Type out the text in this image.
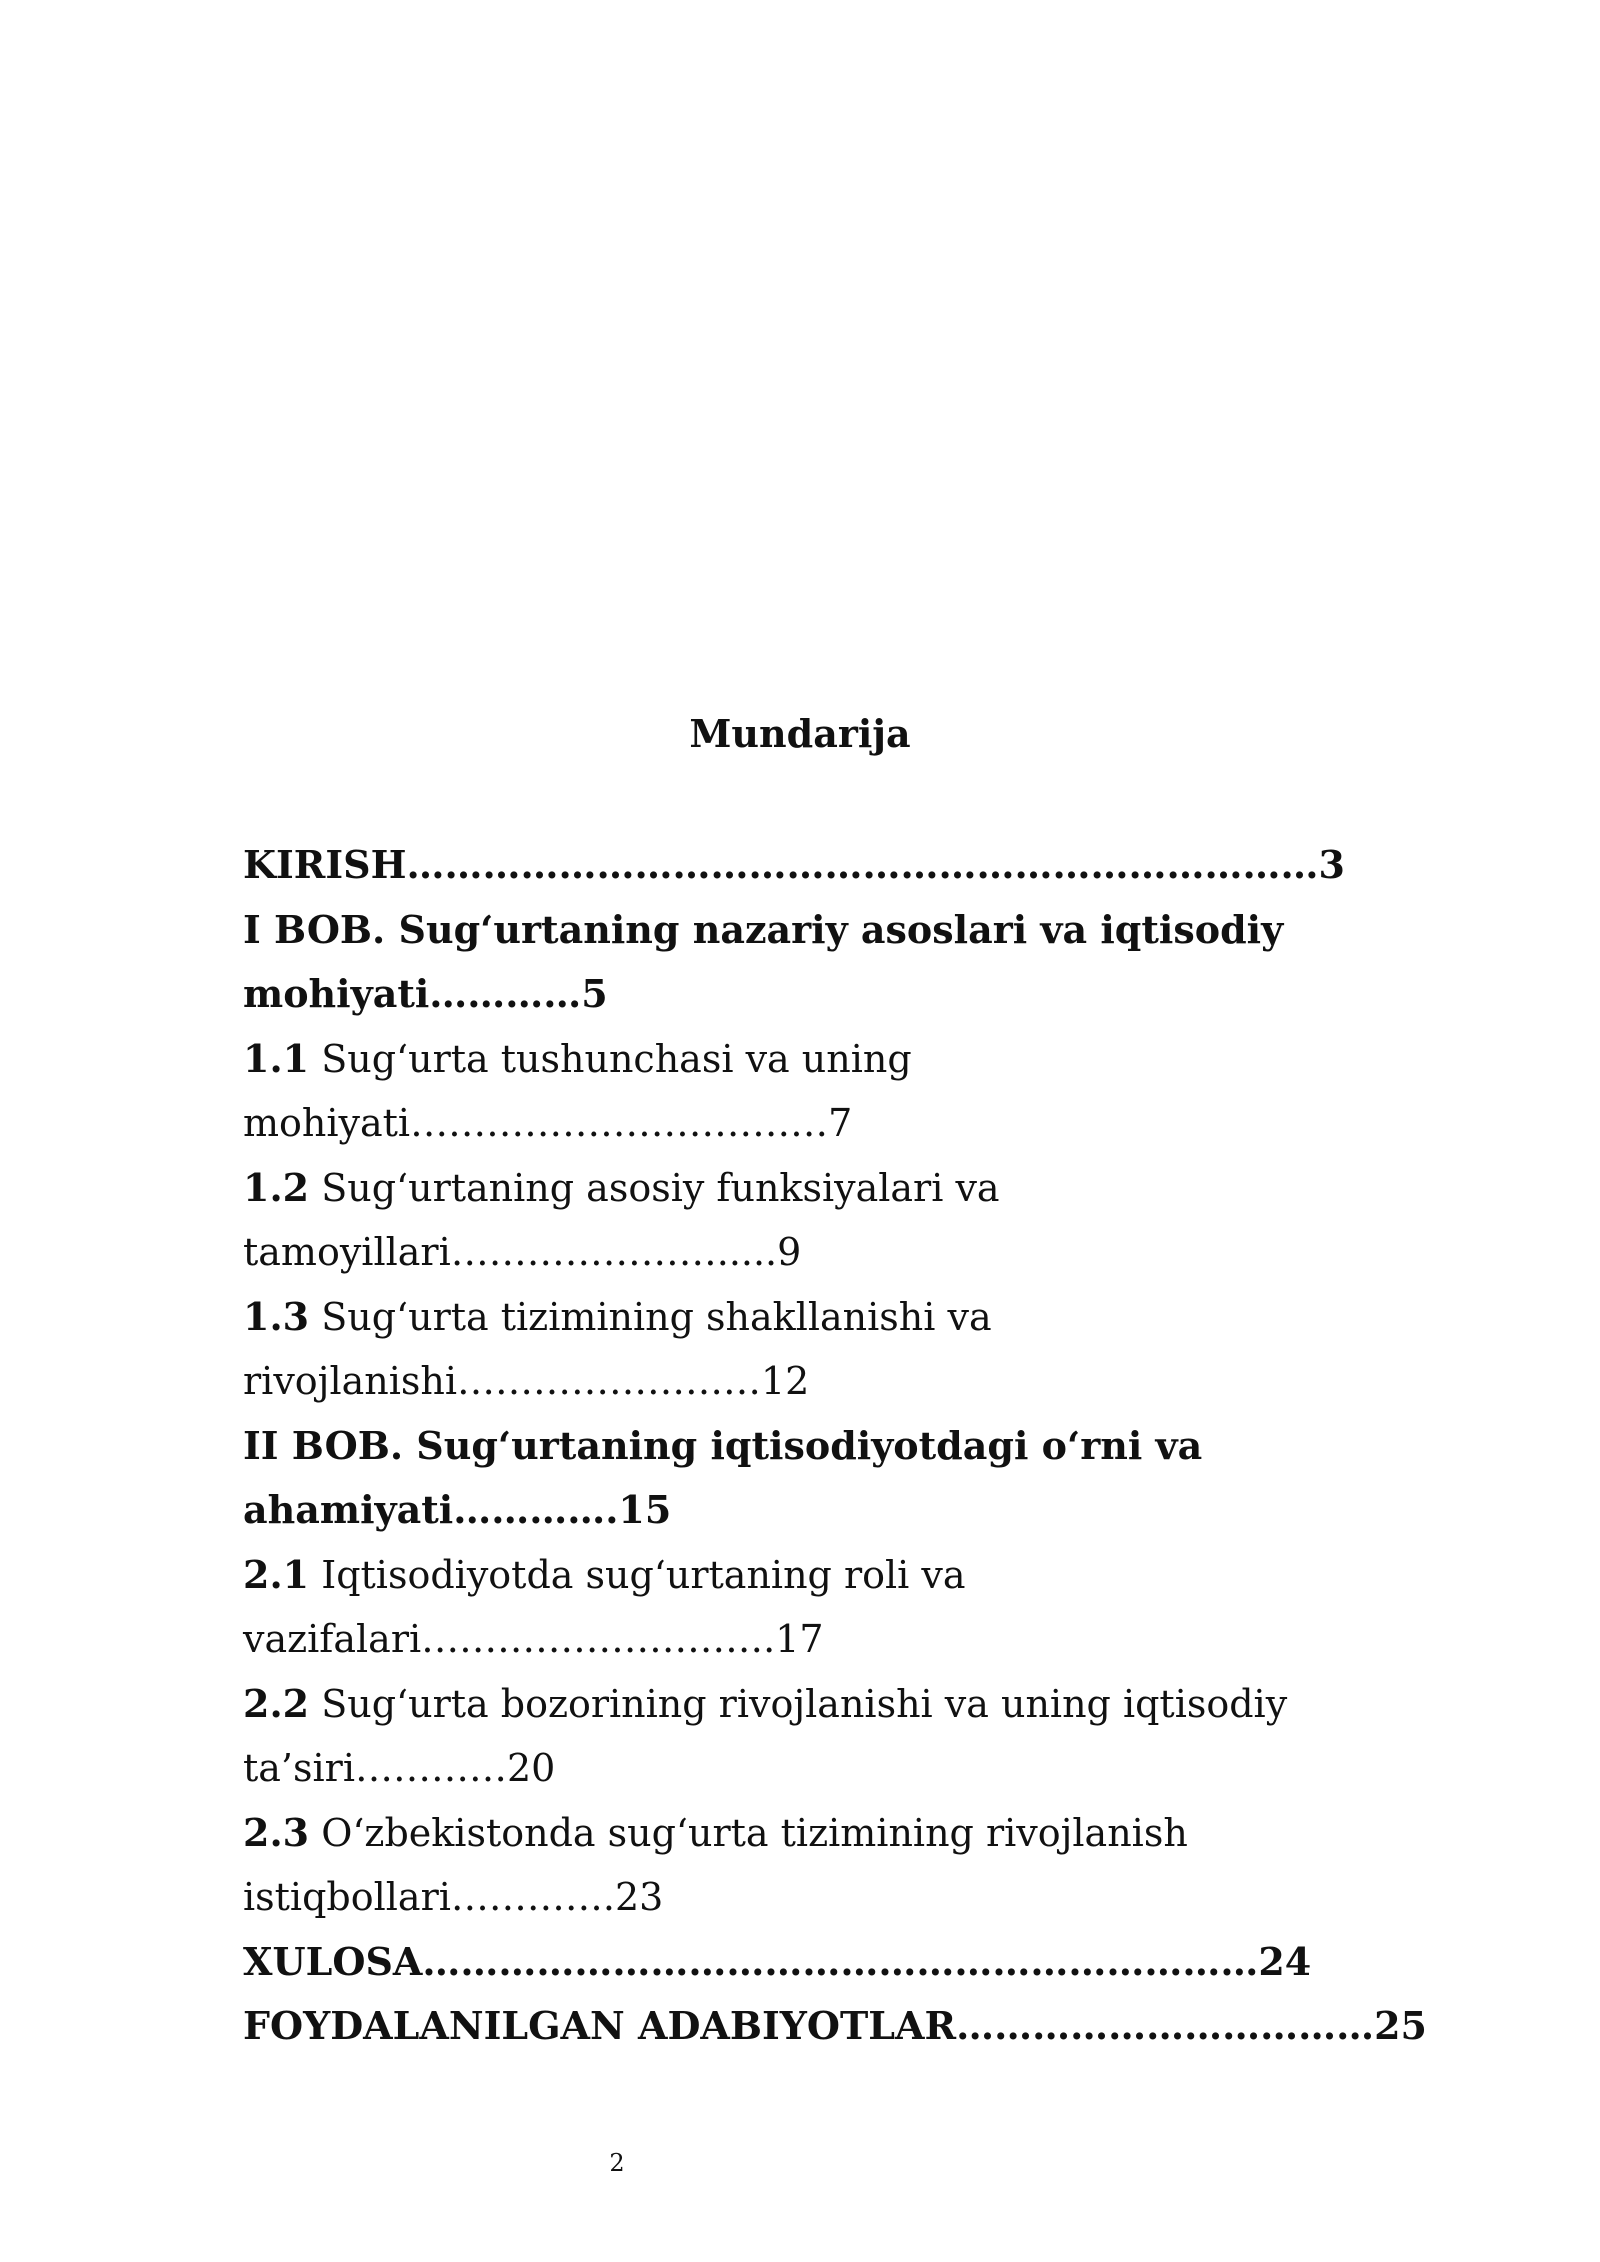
Mundarija
KIRISH………………………………………………………………3
I BOB. Sug‘urtaning nazariy asoslari va iqtisodiy
mohiyati…………5
1.1 Sug‘urta tushunchasi va uning
mohiyati……………………………7
1.2 Sug‘urtaning asosiy funksiyalari va
tamoyillari………………….....9
1.3 Sug‘urta tizimining shakllanishi va
rivojlanishi……………………12
II BOB. Sug‘urtaning iqtisodiyotdagi o‘rni va
ahamiyati………….15
2.1 Iqtisodiyotda sug‘urtaning roli va
vazifalari……………………….17
2.2 Sug‘urta bozorining rivojlanishi va uning iqtisodiy
ta’siri…………20
2.3 O‘zbekistonda sug‘urta tizimining rivojlanish
istiqbollari………….23
XULOSA…………………………………………………………24
FOYDALANILGAN ADABIYOTLAR……………………………25
2
